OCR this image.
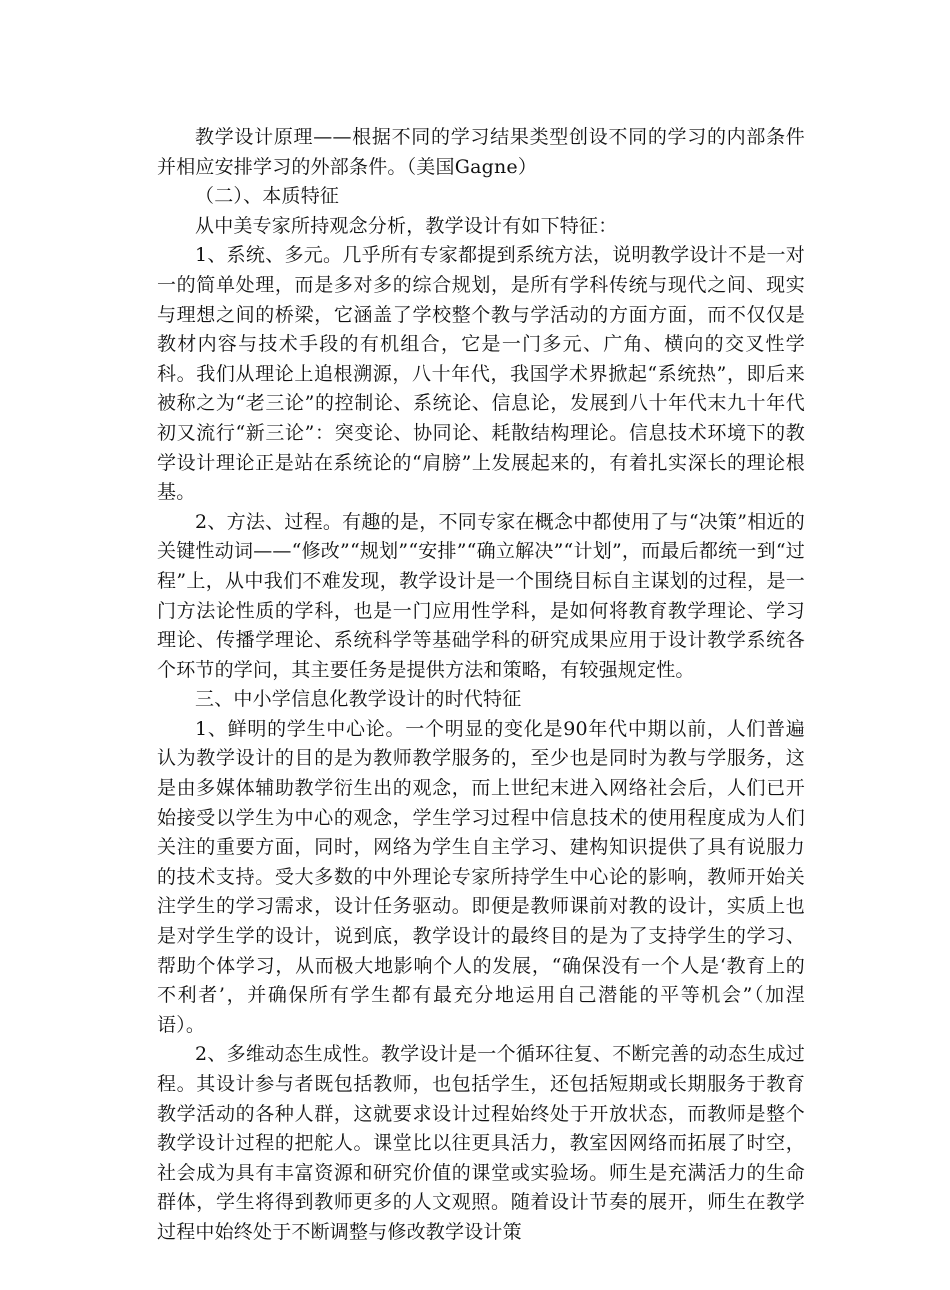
教学设计原理——根据不同的学习结果类型创设不同的学习的内部条件并相应安排学习的外部条件。（美国Gagne）

（二）、本质特征

从中美专家所持观念分析，教学设计有如下特征：

1、系统、多元。几乎所有专家都提到系统方法，说明教学设计不是一对一的简单处理，而是多对多的综合规划，是所有学科传统与现代之间、现实与理想之间的桥梁，它涵盖了学校整个教与学活动的方面方面，而不仅仅是教材内容与技术手段的有机组合，它是一门多元、广角、横向的交叉性学科。我们从理论上追根溯源，八十年代，我国学术界掀起“系统热”，即后来被称之为“老三论”的控制论、系统论、信息论，发展到八十年代末九十年代初又流行“新三论”：突变论、协同论、耗散结构理论。信息技术环境下的教学设计理论正是站在系统论的“肩膀”上发展起来的，有着扎实深长的理论根基。

2、方法、过程。有趣的是，不同专家在概念中都使用了与“决策”相近的关键性动词——“修改”“规划”“安排”“确立解决”“计划”，而最后都统一到“过程”上，从中我们不难发现，教学设计是一个围绕目标自主谋划的过程，是一门方法论性质的学科，也是一门应用性学科，是如何将教育教学理论、学习理论、传播学理论、系统科学等基础学科的研究成果应用于设计教学系统各个环节的学问，其主要任务是提供方法和策略，有较强规定性。

三、中小学信息化教学设计的时代特征

1、鲜明的学生中心论。一个明显的变化是90年代中期以前，人们普遍认为教学设计的目的是为教师教学服务的，至少也是同时为教与学服务，这是由多媒体辅助教学衍生出的观念，而上世纪末进入网络社会后，人们已开始接受以学生为中心的观念，学生学习过程中信息技术的使用程度成为人们关注的重要方面，同时，网络为学生自主学习、建构知识提供了具有说服力的技术支持。受大多数的中外理论专家所持学生中心论的影响，教师开始关注学生的学习需求，设计任务驱动。即便是教师课前对教的设计，实质上也是对学生学的设计，说到底，教学设计的最终目的是为了支持学生的学习、帮助个体学习，从而极大地影响个人的发展，“确保没有一个人是‘教育上的不利者’，并确保所有学生都有最充分地运用自己潜能的平等机会”（加涅语）。

2、多维动态生成性。教学设计是一个循环往复、不断完善的动态生成过程。其设计参与者既包括教师，也包括学生，还包括短期或长期服务于教育教学活动的各种人群，这就要求设计过程始终处于开放状态，而教师是整个教学设计过程的把舵人。课堂比以往更具活力，教室因网络而拓展了时空，社会成为具有丰富资源和研究价值的课堂或实验场。师生是充满活力的生命群体，学生将得到教师更多的人文观照。随着设计节奏的展开，师生在教学过程中始终处于不断调整与修改教学设计策
